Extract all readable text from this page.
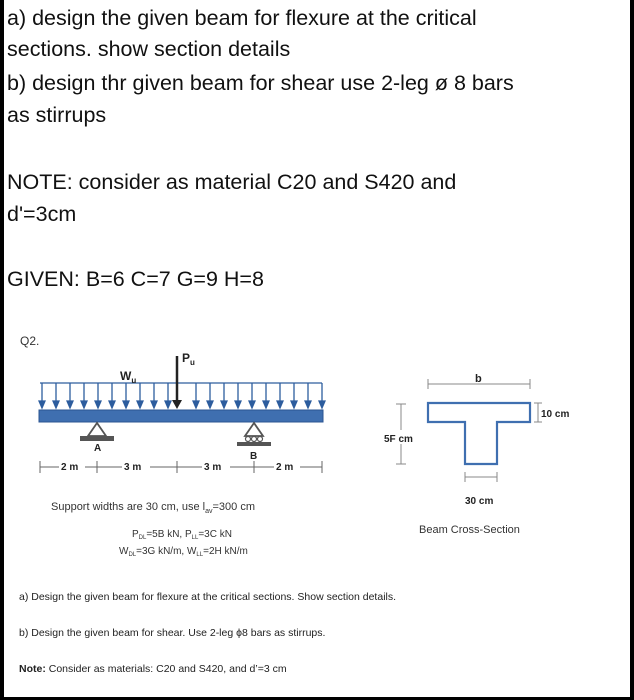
a) design the given beam for flexure at the critical
sections. show section details
b) design thr given beam for shear use 2-leg ø 8 bars
as stirrups
NOTE: consider as material C20 and S420 and
d'=3cm
GIVEN: B=6 C=7 G=9 H=8
Q2.
$P_u$
$W_u$
A
B
2 m	3 m	3 m	2 m
Support widths are 30 cm, use $l_{av}=300$ cm
$P_{DL}=5B$ kN, $P_{LL}=3C$ kN
$W_{DL}=3G$ kN/m, $W_{LL}=2H$ kN/m
b
10 cm
5F cm
30 cm
Beam Cross-Section
a) Design the given beam for flexure at the critical sections. Show section details.
b) Design the given beam for shear. Use 2-leg ϕ8 bars as stirrups.
Note: Consider as materials: C20 and S420, and d’=3 cm
